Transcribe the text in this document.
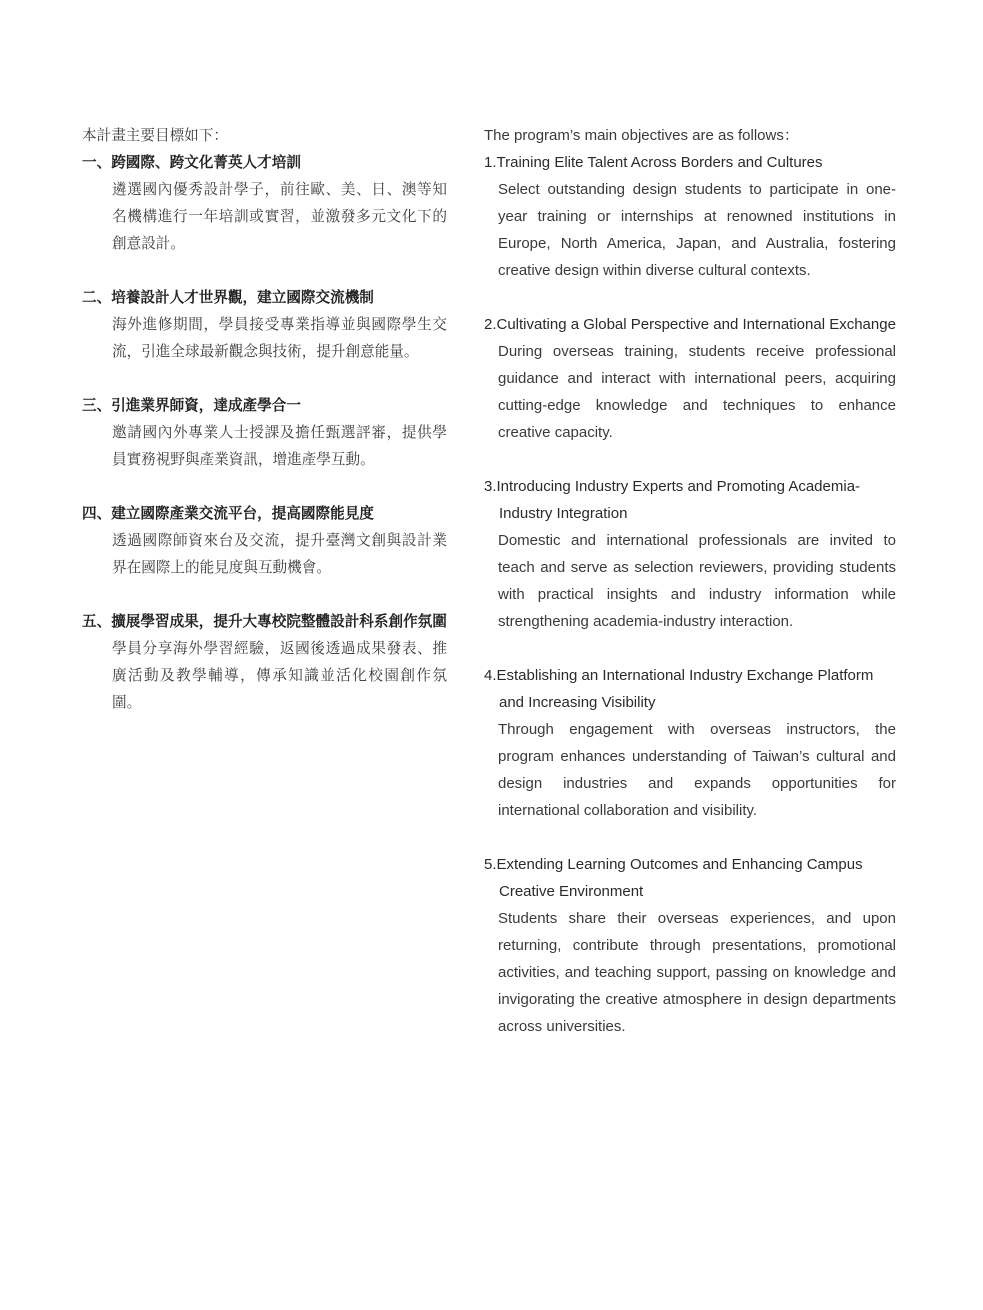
本計畫主要目標如下：

一、跨國際、跨文化菁英人才培訓

遴選國內優秀設計學子，前往歐、美、日、澳等知名機構進行一年培訓或實習，並激發多元文化下的創意設計。

二、培養設計人才世界觀，建立國際交流機制

海外進修期間，學員接受專業指導並與國際學生交流，引進全球最新觀念與技術，提升創意能量。

三、引進業界師資，達成產學合一

邀請國內外專業人士授課及擔任甄選評審，提供學員實務視野與產業資訊，增進產學互動。

四、建立國際產業交流平台，提高國際能見度

透過國際師資來台及交流，提升臺灣文創與設計業界在國際上的能見度與互動機會。

五、擴展學習成果，提升大專校院整體設計科系創作氛圍

學員分享海外學習經驗，返國後透過成果發表、推廣活動及教學輔導，傳承知識並活化校園創作氛圍。

The program’s main objectives are as follows：

1.Training Elite Talent Across Borders and Cultures

Select outstanding design students to participate in one-year training or internships at renowned institutions in Europe, North America, Japan, and Australia, fostering creative design within diverse cultural contexts.

2.Cultivating a Global Perspective and International Exchange

During overseas training, students receive professional guidance and interact with international peers, acquiring cutting-edge knowledge and techniques to enhance creative capacity.

3.Introducing Industry Experts and Promoting Academia-Industry Integration

Domestic and international professionals are invited to teach and serve as selection reviewers, providing students with practical insights and industry information while strengthening academia-industry interaction.

4.Establishing an International Industry Exchange Platform and Increasing Visibility

Through engagement with overseas instructors, the program enhances understanding of Taiwan’s cultural and design industries and expands opportunities for international collaboration and visibility.

5.Extending Learning Outcomes and Enhancing Campus Creative Environment

Students share their overseas experiences, and upon returning, contribute through presentations, promotional activities, and teaching support, passing on knowledge and invigorating the creative atmosphere in design departments across universities.
